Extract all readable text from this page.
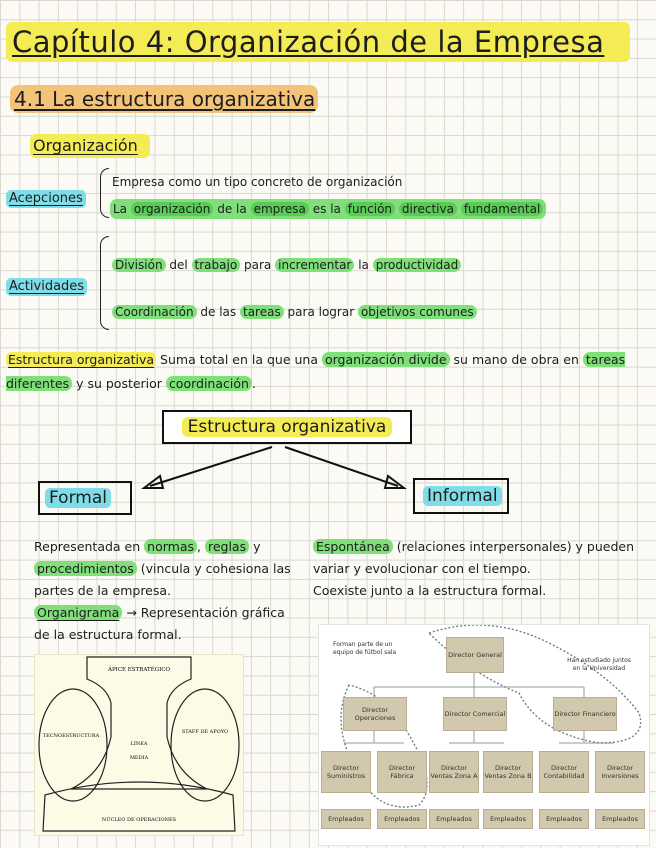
Capítulo 4: Organización de la Empresa
4.1 La estructura organizativa
Organización
Acepciones
Empresa como un tipo concreto de organización
La organización de la empresa es la función directiva fundamental
Actividades
División del trabajo para incrementar la productividad
Coordinación de las tareas para lograr objetivos comunes
Estructura organizativa Suma total en la que una organización divide su mano de obra en tareas diferentes y su posterior coordinación .
Estructura organizativa
Formal	Informal
Representada en normas , reglas y procedimientos (vincula y cohesiona las partes de la empresa.
Organigrama → Representación gráfica de la estructura formal.
Espontánea (relaciones interpersonales) y pueden variar y evolucionar con el tiempo.
Coexiste junto a la estructura formal.
ÁPICE ESTRATÉGICO
TECNOESTRUCTURA
STAFF DE APOYO
LÍNEA
MEDIA
NÚCLEO DE OPERACIONES
Forman parte de un equipo de fútbol sala
Han estudiado juntos en la Universidad
Director General
Director Operaciones	Director Comercial	Director Financiero
Director Suministros
Director Fábrica
Director Ventas Zona A
Director Ventas Zona B
Director Contabilidad
Director Inversiones
Empleados	Empleados	Empleados	Empleados	Empleados	Empleados
